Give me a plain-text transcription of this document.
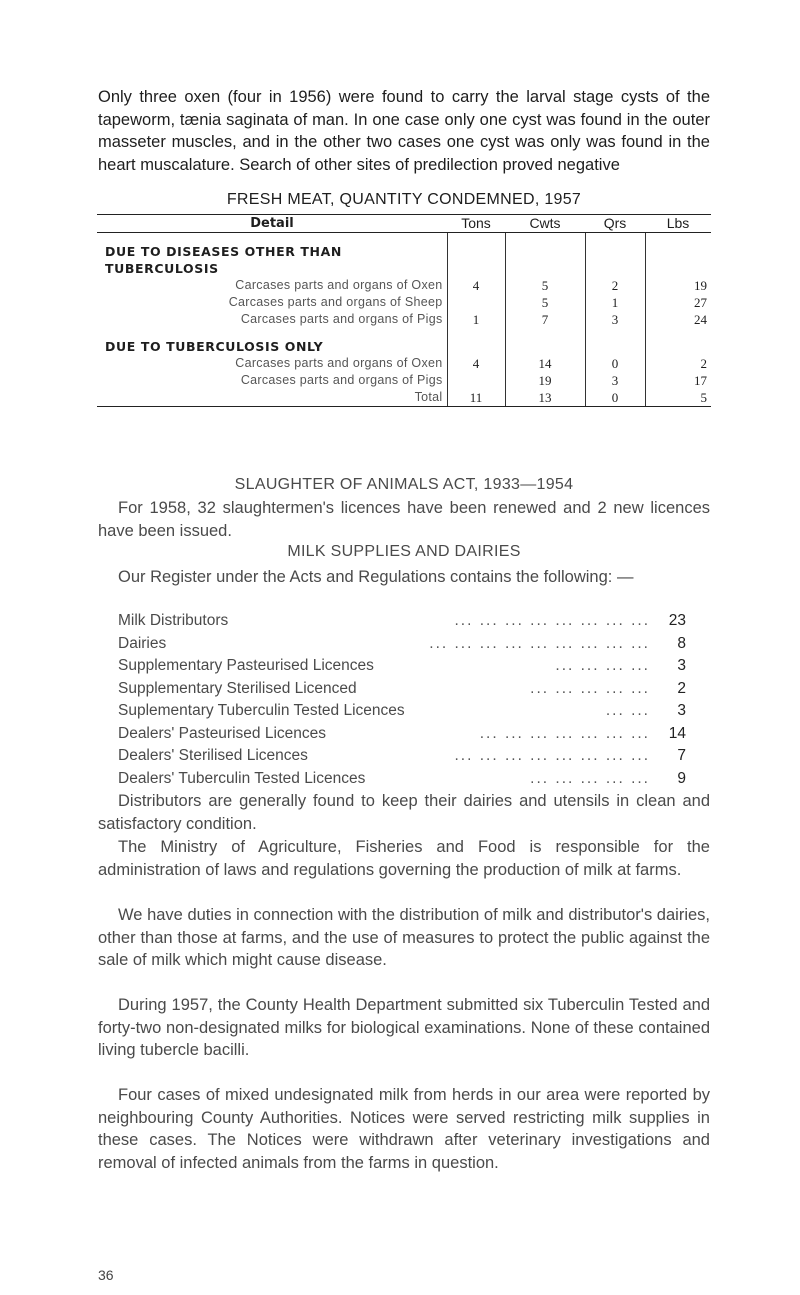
Only three oxen (four in 1956) were found to carry the larval stage cysts of the tapeworm, tænia saginata of man. In one case only one cyst was found in the outer masseter muscles, and in the other two cases one cyst was only was found in the heart muscalature. Search of other sites of predilection proved negative

FRESH MEAT, QUANTITY CONDEMNED, 1957
Detail	Tons	Cwts	Qrs	Lbs

DUE TO DISEASES OTHER THAN				
TUBERCULOSIS				
Carcases parts and organs of Oxen	4	5	2	19
Carcases parts and organs of Sheep		5	1	27
Carcases parts and organs of Pigs	1	7	3	24

DUE TO TUBERCULOSIS ONLY				
Carcases parts and organs of Oxen	4	14	0	2
Carcases parts and organs of Pigs		19	3	17
Total	11	13	0	5
SLAUGHTER OF ANIMALS ACT, 1933—1954

For 1958, 32 slaughtermen's licences have been renewed and 2 new licences have been issued.

MILK SUPPLIES AND DAIRIES

Our Register under the Acts and Regulations contains the following: —

Milk Distributors	... ... ... ... ... ... ... ...	23
Dairies	... ... ... ... ... ... ... ... ...	8
Supplementary Pasteurised Licences	... ... ... ...	3
Supplementary Sterilised Licenced	... ... ... ... ...	2
Suplementary Tuberculin Tested Licences	... ...	3
Dealers' Pasteurised Licences	... ... ... ... ... ... ...	14
Dealers' Sterilised Licences	... ... ... ... ... ... ... ...	7
Dealers' Tuberculin Tested Licences	... ... ... ... ...	9

Distributors are generally found to keep their dairies and utensils in clean and satisfactory condition.

The Ministry of Agriculture, Fisheries and Food is responsible for the administration of laws and regulations governing the production of milk at farms.

We have duties in connection with the distribution of milk and distributor's dairies, other than those at farms, and the use of measures to protect the public against the sale of milk which might cause disease.

During 1957, the County Health Department submitted six Tuberculin Tested and forty-two non-designated milks for biological examinations. None of these contained living tubercle bacilli.

Four cases of mixed undesignated milk from herds in our area were reported by neighbouring County Authorities. Notices were served restricting milk supplies in these cases. The Notices were withdrawn after veterinary investigations and removal of infected animals from the farms in question.

36
